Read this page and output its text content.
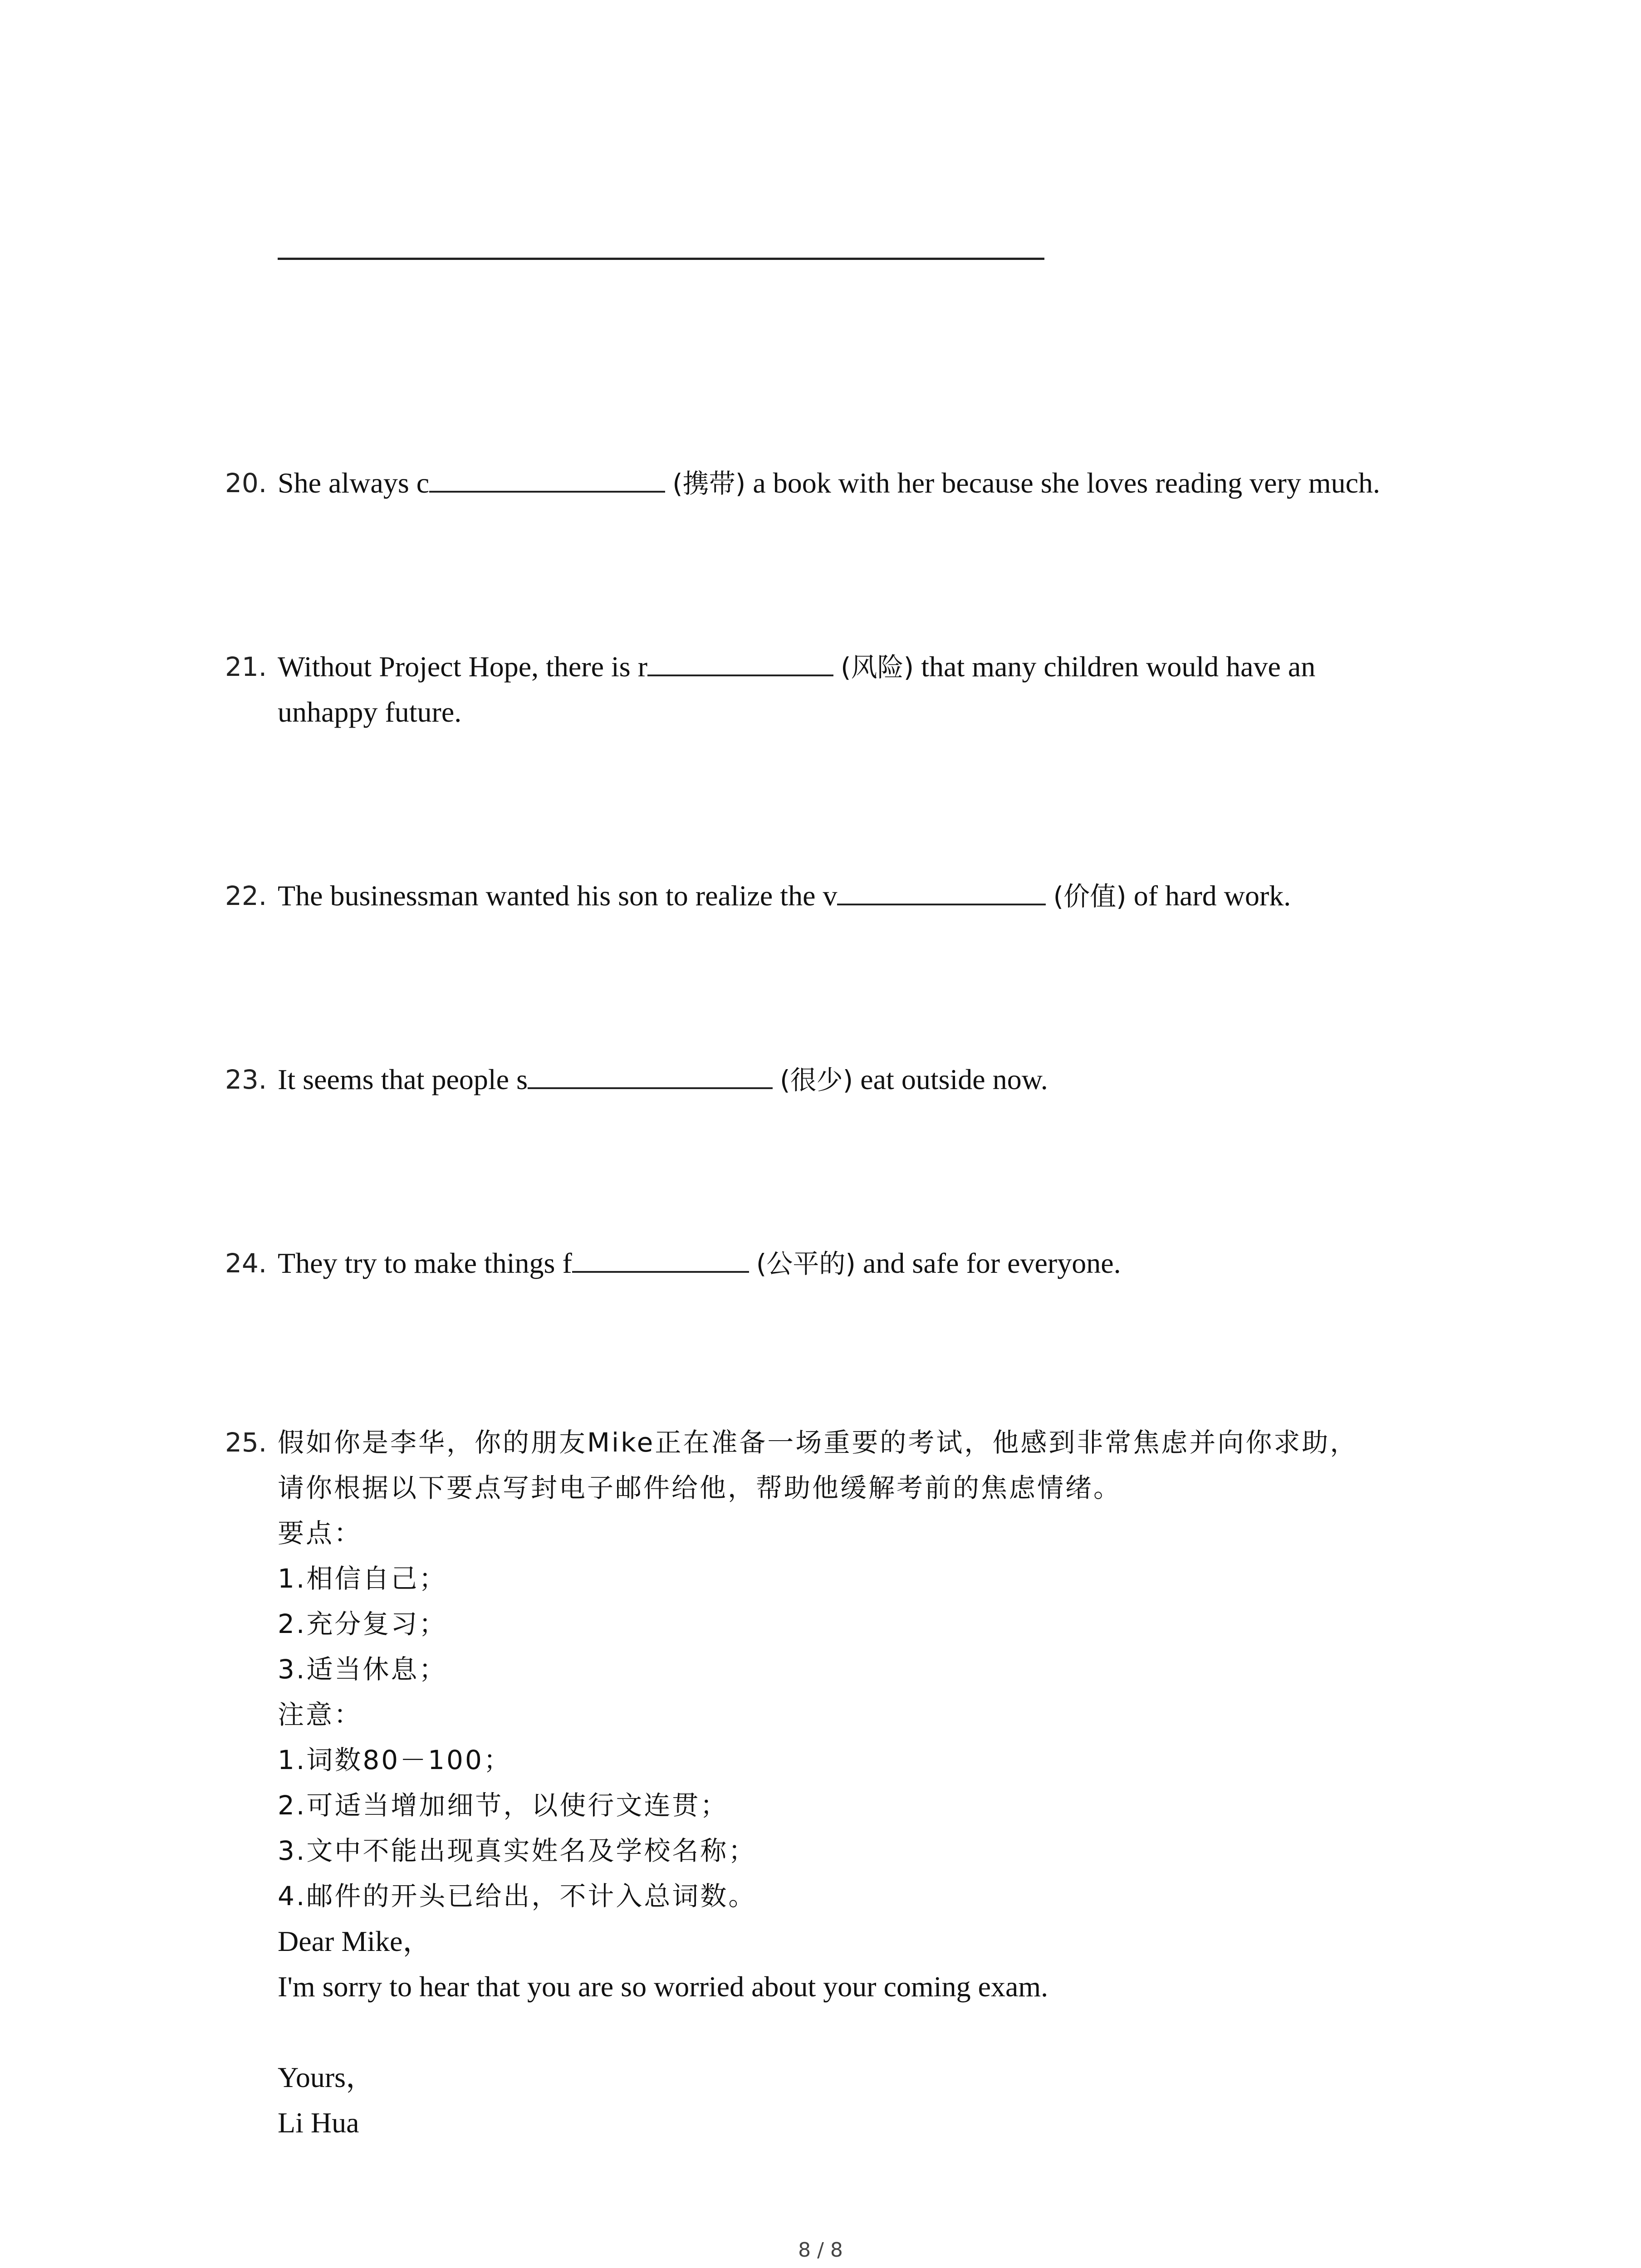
20. She always c	(携带) a book with her because she loves reading very much.
21. Without Project Hope, there is r	(风险) that many children would have an
unhappy future.
22. The businessman wanted his son to realize the v	(价值) of hard work.
23. It seems that people s	(很少) eat outside now.
24. They try to make things f	(公平的) and safe for everyone.
25. 假如你是李华，你的朋友Mike正在准备一场重要的考试，他感到非常焦虑并向你求助，
请你根据以下要点写封电子邮件给他，帮助他缓解考前的焦虑情绪。
要点：
1.相信自己；
2.充分复习；
3.适当休息；
注意：
1.词数80－100；
2.可适当增加细节，以使行文连贯；
3.文中不能出现真实姓名及学校名称；
4.邮件的开头已给出，不计入总词数。
Dear Mike，
I'm sorry to hear that you are so worried about your coming exam.
Yours，
Li Hua
8 / 8
